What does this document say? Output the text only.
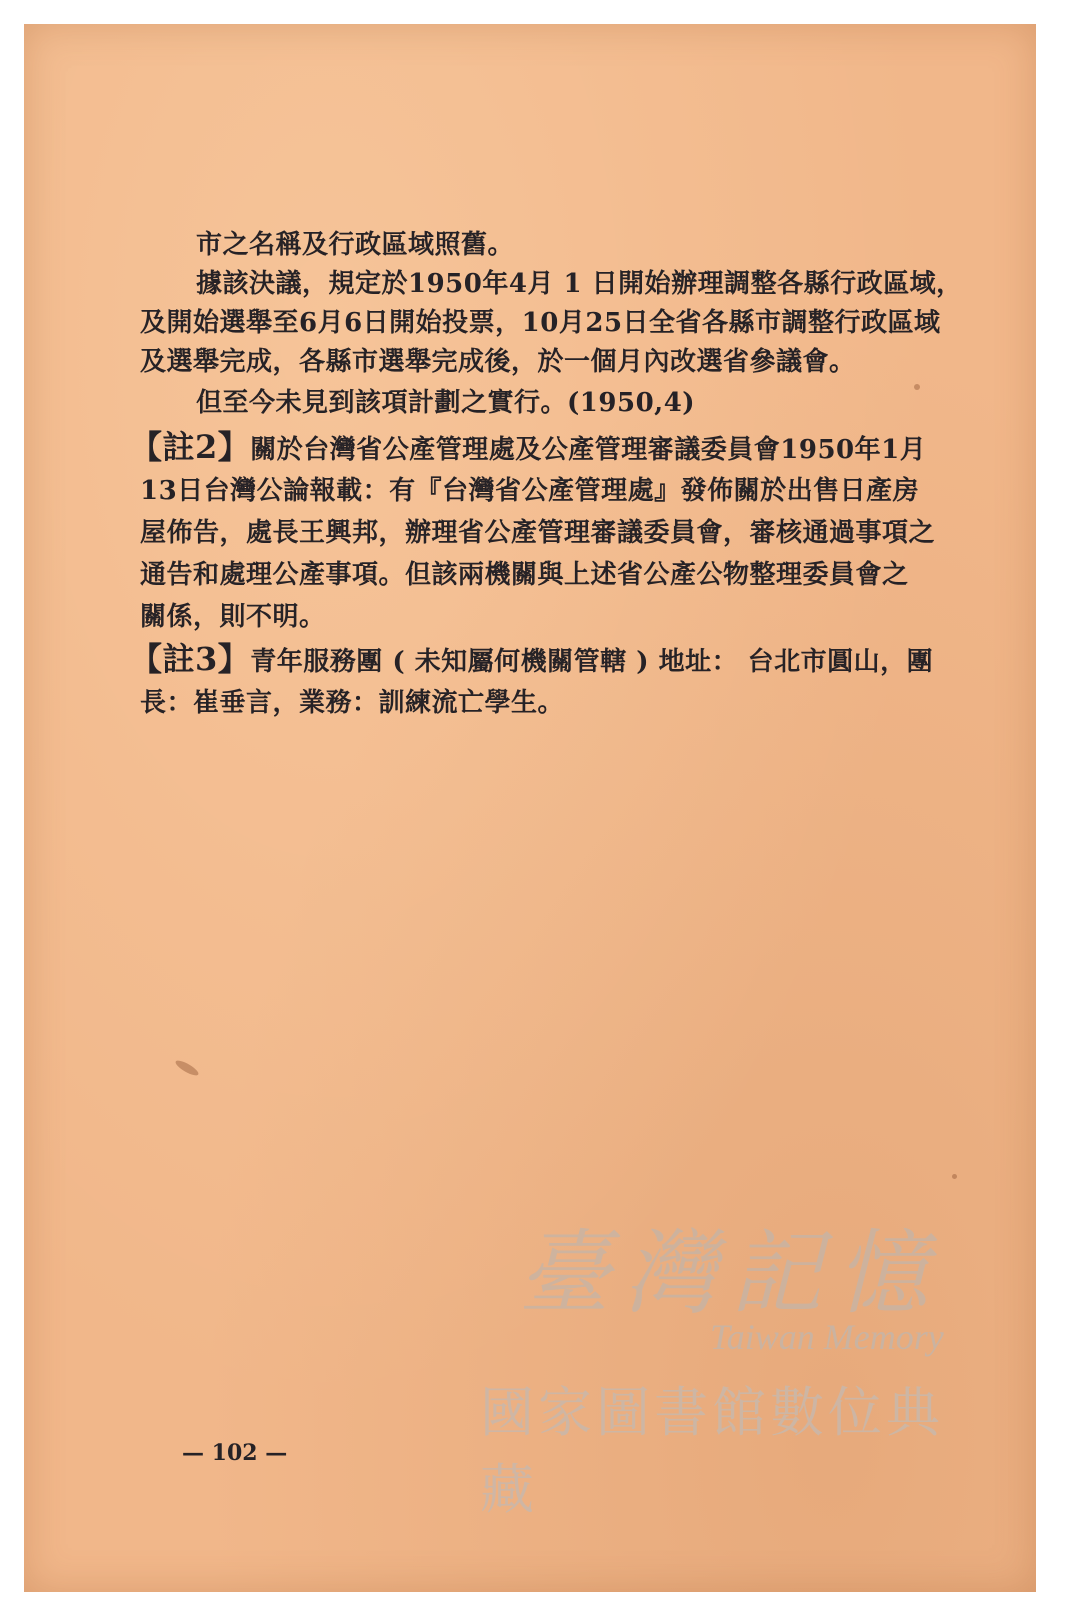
市之名稱及行政區域照舊。
據該決議，規定於1950年4月 1 日開始辦理調整各縣行政區域，
及開始選舉至6月6日開始投票，10月25日全省各縣市調整行政區域
及選舉完成，各縣市選舉完成後，於一個月內改選省參議會。
但至今未見到該項計劃之實行。(1950,4)
【註2】關於台灣省公產管理處及公產管理審議委員會1950年1月
13日台灣公論報載：有『台灣省公產管理處』發佈關於出售日產房
屋佈告，處長王興邦，辦理省公產管理審議委員會，審核通過事項之
通告和處理公產事項。但該兩機關與上述省公產公物整理委員會之
關係，則不明。
【註3】青年服務團 ( 未知屬何機關管轄 ) 地址： 台北市圓山，團
長：崔垂言，業務：訓練流亡學生。
— 102 —
臺灣記憶
Taiwan Memory
國家圖書館數位典藏
